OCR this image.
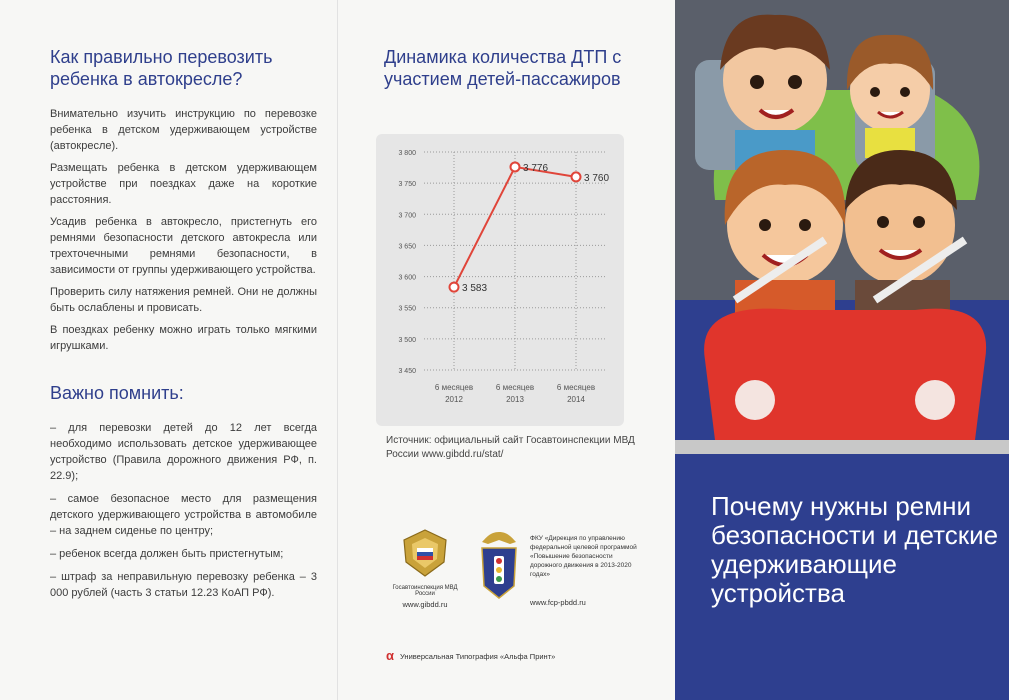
Как правильно перевозить ребенка в автокресле?

Внимательно изучить инструкцию по перевозке ребенка в детском удерживающем устройстве (автокресле).

Размещать ребенка в детском удерживающем устройстве при поездках даже на короткие расстояния.

Усадив ребенка в автокресло, пристегнуть его ремнями безопасности детского автокресла или трехточечными ремнями безопасности, в зависимости от группы удерживающего устройства.

Проверить силу натяжения ремней. Они не должны быть ослаблены и провисать.

В поездках ребенку можно играть только мягкими игрушками.

Важно помнить:

– для перевозки детей до 12 лет всегда необходимо использовать детское удерживающее устройство (Правила дорожного движения РФ, п. 22.9);

– самое безопасное место для размещения детского удерживающего устройства в автомобиле – на заднем сиденье по центру;

– ребенок всегда должен быть пристегнутым;

– штраф за неправильную перевозку ребенка – 3 000 рублей (часть 3 статьи 12.23 КоАП РФ).

Динамика количества ДТП с участием детей-пассажиров
3 800
3 750
3 700
3 650
3 600
3 550
3 500
3 450
6 месяцев
2012
6 месяцев
2013
6 месяцев
2014
3 583
3 776
3 760
Источник: официальный сайт Госавтоинспекции МВД России www.gibdd.ru/stat/
Госавтоинспекция МВД России
www.gibdd.ru
ФКУ «Дирекция по управлению федеральной целевой программой «Повышение безопасности дорожного движения в 2013-2020 годах»
www.fcp-pbdd.ru
α Универсальная Типография «Альфа Принт»
Почему нужны ремни безопасности и детские удерживающие устройства
